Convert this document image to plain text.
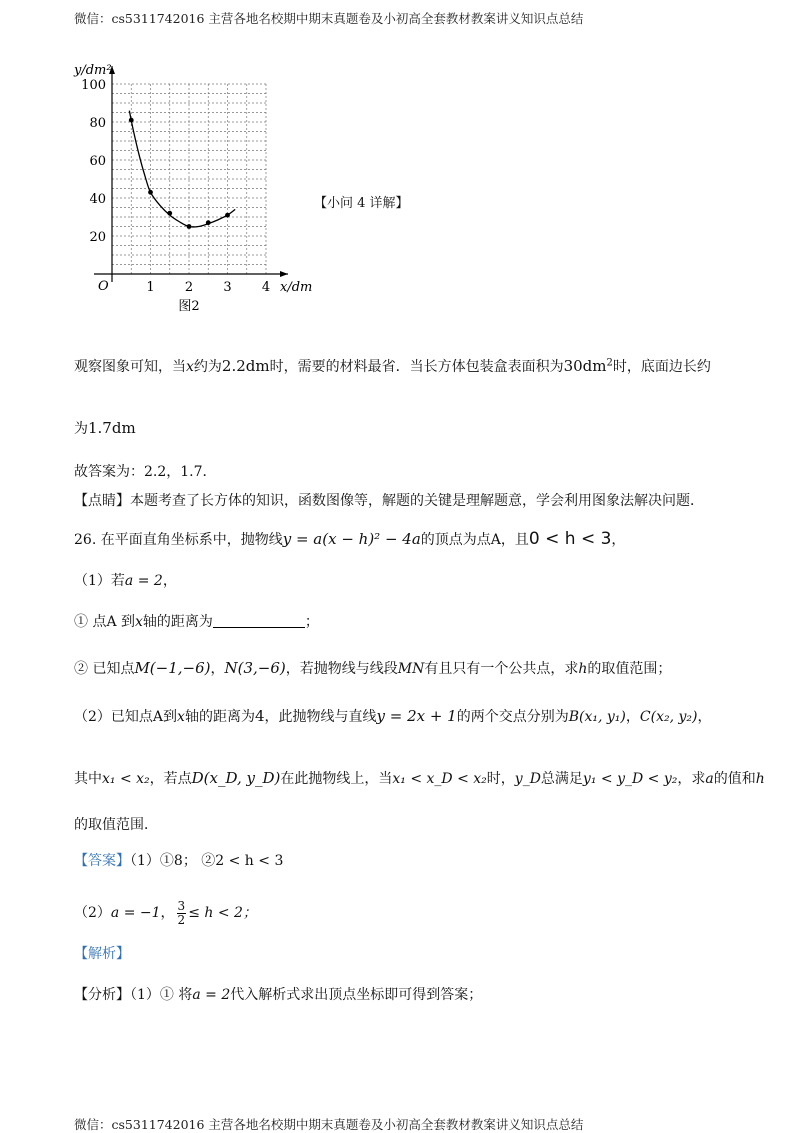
微信：cs5311742016 主营各地名校期中期末真题卷及小初高全套教材教案讲义知识点总结
1 2 3 4
20
40
60
80
100
O	x/dm
y/dm²
图2
【小问 4 详解】
观察图象可知，当x约为2.2dm时，需要的材料最省．当长方体包装盒表面积为$30dm^2$时，底面边长约
为1.7dm
故答案为：2.2，1.7．
【点睛】本题考查了长方体的知识，函数图像等，解题的关键是理解题意，学会利用图象法解决问题．
26. 在平面直角坐标系中，抛物线y = a(x − h)² − 4a的顶点为点A，且0 < h < 3，
（1）若a = 2，
① 点A 到x轴的距离为	；
② 已知点M(−1,−6)，N(3,−6)，若抛物线与线段MN有且只有一个公共点，求h的取值范围；
（2）已知点A到x轴的距离为4，此抛物线与直线y = 2x + 1的两个交点分别为B(x₁, y₁)，C(x₂, y₂)，
其中x₁ < x₂，若点D(x_D, y_D)在此抛物线上，当x₁ < x_D < x₂时，y_D总满足y₁ < y_D < y₂，求a的值和h
的取值范围．
【答案】（1）①8； ②2 < h < 3
（2）a = −1， $\frac{3}{2} \le h < 2$；
【解析】
【分析】（1）① 将a = 2代入解析式求出顶点坐标即可得到答案；
微信：cs5311742016 主营各地名校期中期末真题卷及小初高全套教材教案讲义知识点总结
